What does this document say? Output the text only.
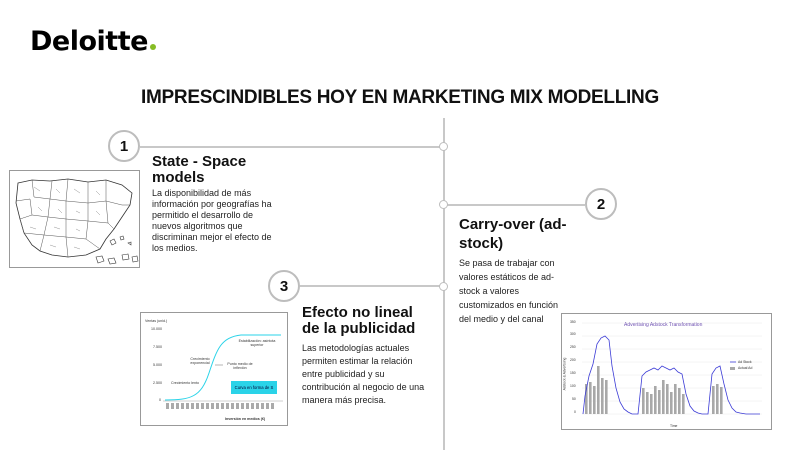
Deloitte
IMPRESCINDIBLES HOY EN MARKETING MIX MODELLING
1
2
3
State - Space models
La disponibilidad de más información por geografías ha permitido el desarrollo de nuevos algoritmos que discriminan mejor el efecto de los medios.
Carry-over (ad-stock)
Se pasa de trabajar con valores estáticos de ad-stock a valores customizados en función del medio y del canal
Advertising Adstock Transformation
Adstock & Advertising
Time
350
300
250
200
150
100
50
0
Ad Stock
Actual Ad
Efecto no lineal de la publicidad
Las metodologías actuales permiten estimar la relación entre publicidad y su contribución al negocio de una manera más precisa.
Ventas (unid.)
10.000
7.500
5.000
2.500
0
Estabilización: asíntota superior
Crecimiento exponencial	Punto medio de inflexión
Crecimiento lento
Curva en forma de S
Inversión en medios (€)
